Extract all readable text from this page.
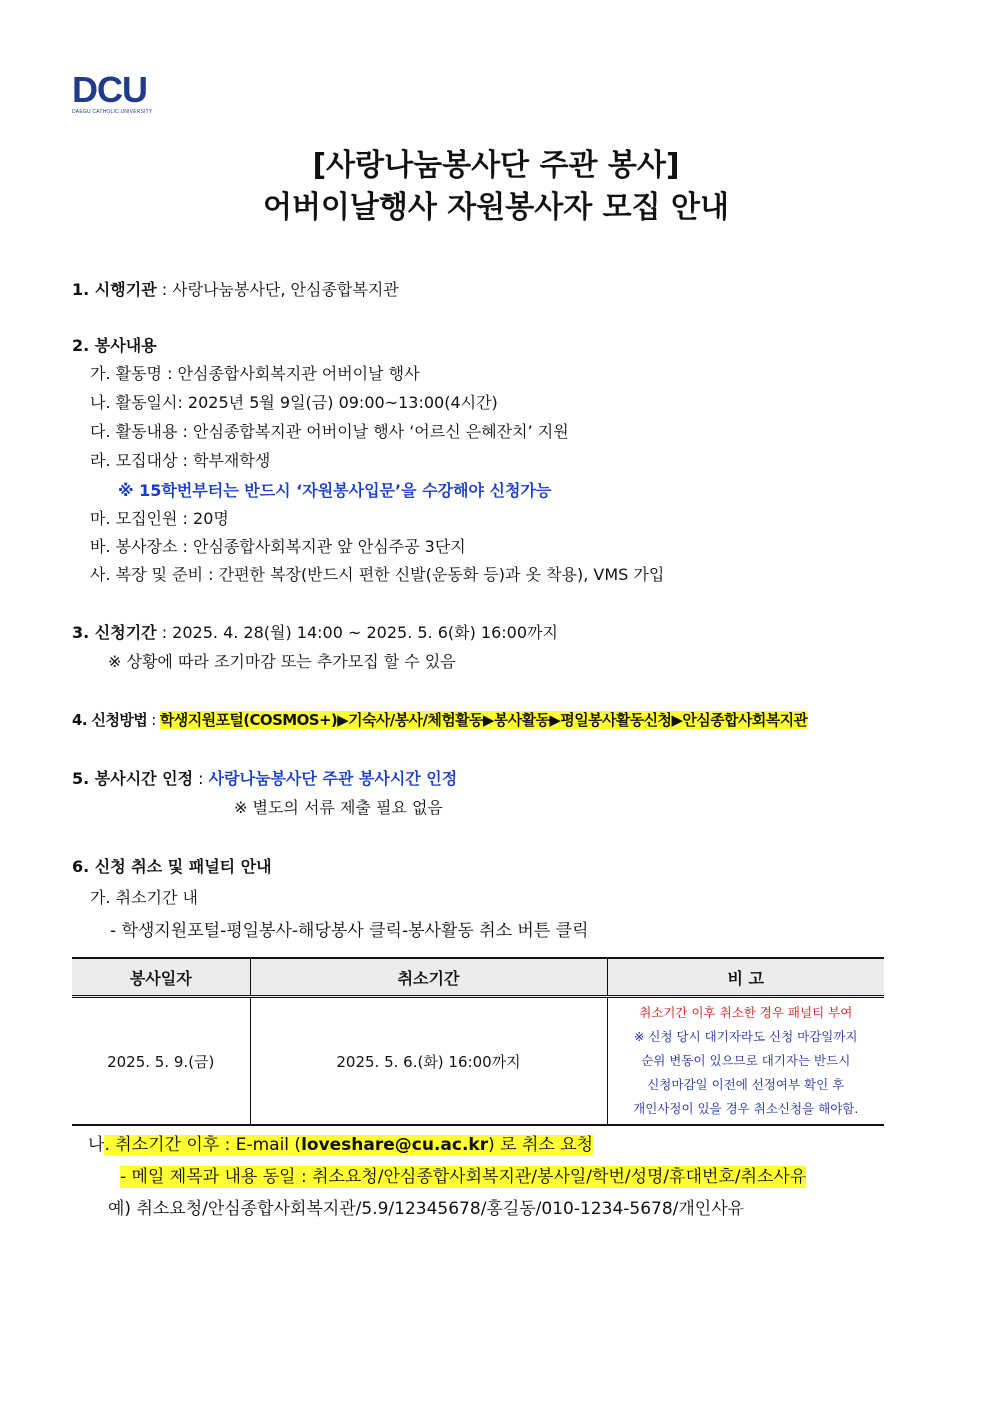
DCU
DAEGU CATHOLIC UNIVERSITY
[사랑나눔봉사단 주관 봉사]
어버이날행사 자원봉사자 모집 안내
1. 시행기관 : 사랑나눔봉사단, 안심종합복지관
2. 봉사내용
가. 활동명 : 안심종합사회복지관 어버이날 행사
나. 활동일시: 2025년 5월 9일(금) 09:00~13:00(4시간)
다. 활동내용 : 안심종합복지관 어버이날 행사 ‘어르신 은혜잔치’ 지원
라. 모집대상 : 학부재학생
※ 15학번부터는 반드시 ‘자원봉사입문’을 수강해야 신청가능
마. 모집인원 : 20명
바. 봉사장소 : 안심종합사회복지관 앞 안심주공 3단지
사. 복장 및 준비 : 간편한 복장(반드시 편한 신발(운동화 등)과 옷 착용), VMS 가입
3. 신청기간 : 2025. 4. 28(월) 14:00 ~ 2025. 5. 6(화) 16:00까지
※ 상황에 따라 조기마감 또는 추가모집 할 수 있음
4. 신청방법 : 학생지원포털(COSMOS+)▶기숙사/봉사/체험활동▶봉사활동▶평일봉사활동신청▶안심종합사회복지관
5. 봉사시간 인정 : 사랑나눔봉사단 주관 봉사시간 인정
※ 별도의 서류 제출 필요 없음
6. 신청 취소 및 패널티 안내
가. 취소기간 내
- 학생지원포털-평일봉사-해당봉사 클릭-봉사활동 취소 버튼 클릭
봉사일자	취소기간	비 고
2025. 5. 9.(금)	2025. 5. 6.(화) 16:00까지	취소기간 이후 취소한 경우 패널티 부여
※ 신청 당시 대기자라도 신청 마감일까지
순위 변동이 있으므로 대기자는 반드시
신청마감일 이전에 선정여부 확인 후
개인사정이 있을 경우 취소신청을 해야함.
나. 취소기간 이후 : E-mail (loveshare@cu.ac.kr) 로 취소 요청
- 메일 제목과 내용 동일 : 취소요청/안심종합사회복지관/봉사일/학번/성명/휴대번호/취소사유
예) 취소요청/안심종합사회복지관/5.9/12345678/홍길동/010-1234-5678/개인사유
